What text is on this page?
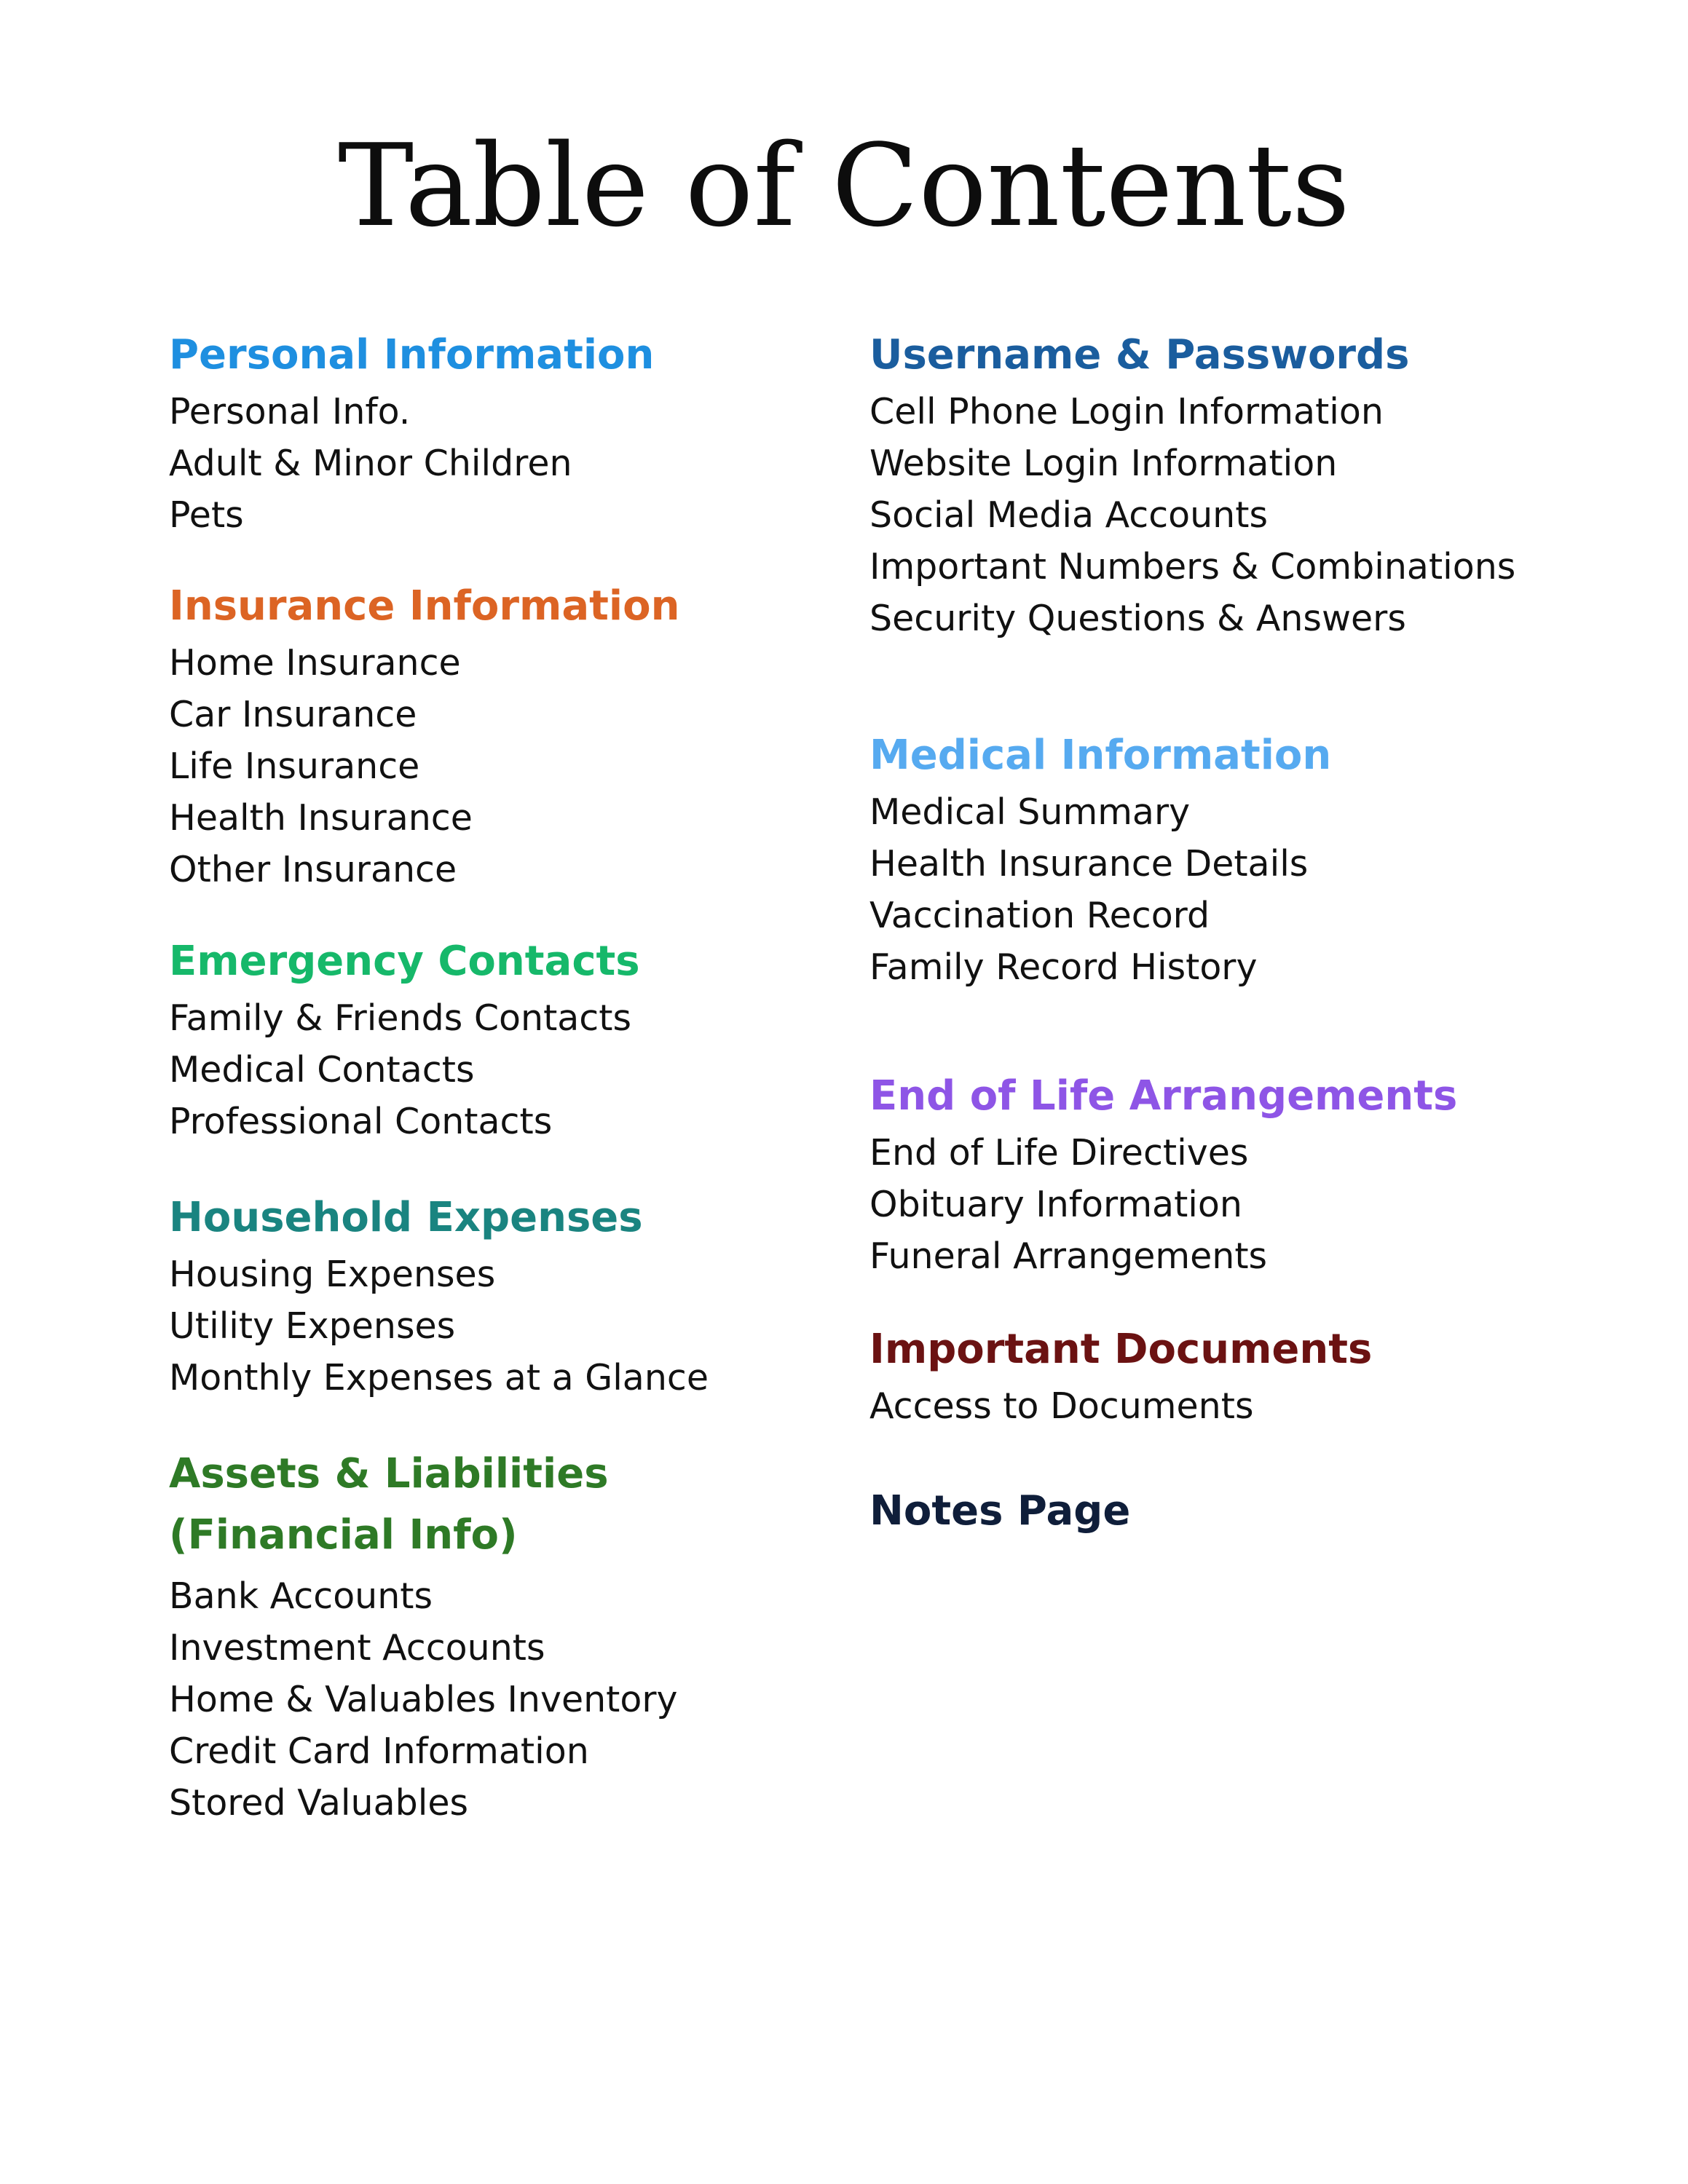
Table of Contents
Personal Information
Personal Info.
Adult & Minor Children
Pets
Insurance Information
Home Insurance
Car Insurance
Life Insurance
Health Insurance
Other Insurance
Emergency Contacts
Family & Friends Contacts
Medical Contacts
Professional Contacts
Household Expenses
Housing Expenses
Utility Expenses
Monthly Expenses at a Glance
Assets & Liabilities
(Financial Info)
Bank Accounts
Investment Accounts
Home & Valuables Inventory
Credit Card Information
Stored Valuables
Username & Passwords
Cell Phone Login Information
Website Login Information
Social Media Accounts
Important Numbers & Combinations
Security Questions & Answers
Medical Information
Medical Summary
Health Insurance Details
Vaccination Record
Family Record History
End of Life Arrangements
End of Life Directives
Obituary Information
Funeral Arrangements
Important Documents
Access to Documents
Notes Page
